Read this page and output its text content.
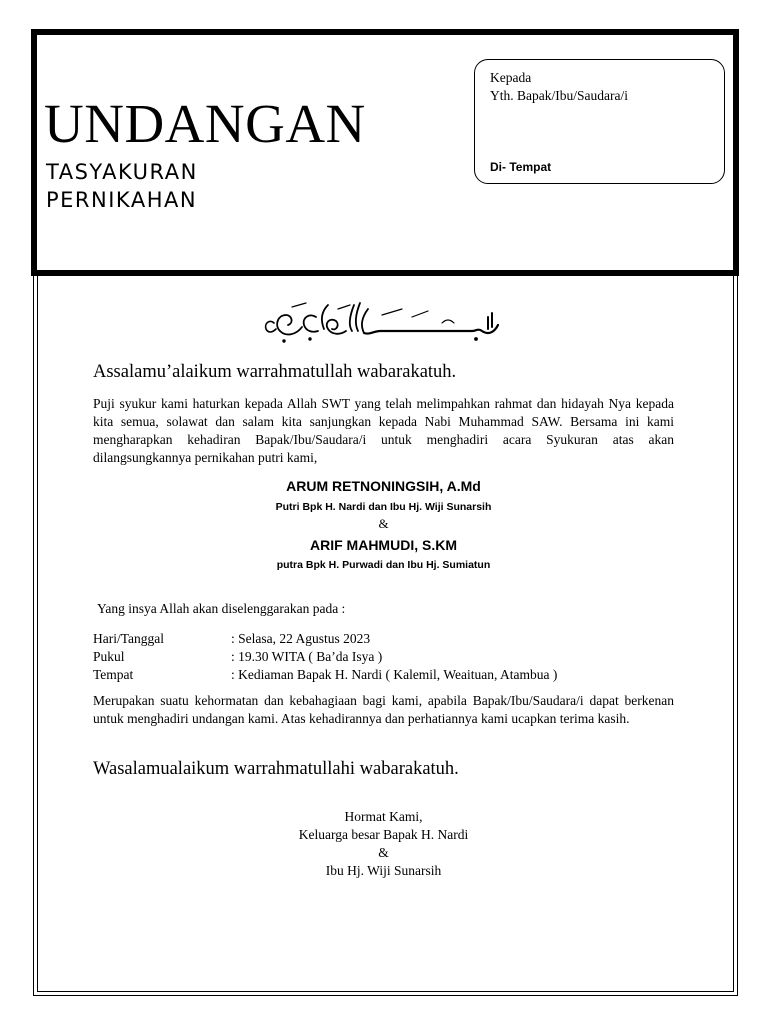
UNDANGAN
TASYAKURAN
PERNIKAHAN
Kepada
Yth. Bapak/Ibu/Saudara/i
Di- Tempat
Assalamu’alaikum warrahmatullah wabarakatuh.
Puji syukur kami haturkan kepada Allah SWT yang telah melimpahkan rahmat dan hidayah Nya kepada kita semua, solawat dan salam kita sanjungkan kepada Nabi Muhammad SAW. Bersama ini kami mengharapkan kehadiran Bapak/Ibu/Saudara/i untuk menghadiri acara Syukuran atas akan dilangsungkannya pernikahan putri kami,
ARUM RETNONINGSIH, A.Md
Putri Bpk H. Nardi dan Ibu Hj. Wiji Sunarsih
&
ARIF MAHMUDI, S.KM
putra Bpk H. Purwadi dan Ibu Hj. Sumiatun
Yang insya Allah akan diselenggarakan pada :
Hari/Tanggal	: Selasa, 22 Agustus 2023
Pukul	: 19.30 WITA ( Ba’da Isya )
Tempat	: Kediaman Bapak H. Nardi ( Kalemil, Weaituan, Atambua )
Merupakan suatu kehormatan dan kebahagiaan bagi kami, apabila Bapak/Ibu/Saudara/i dapat berkenan untuk menghadiri undangan kami. Atas kehadirannya dan perhatiannya kami ucapkan terima kasih.
Wasalamualaikum warrahmatullahi wabarakatuh.
Hormat Kami,
Keluarga besar Bapak H. Nardi
&
Ibu Hj. Wiji Sunarsih
